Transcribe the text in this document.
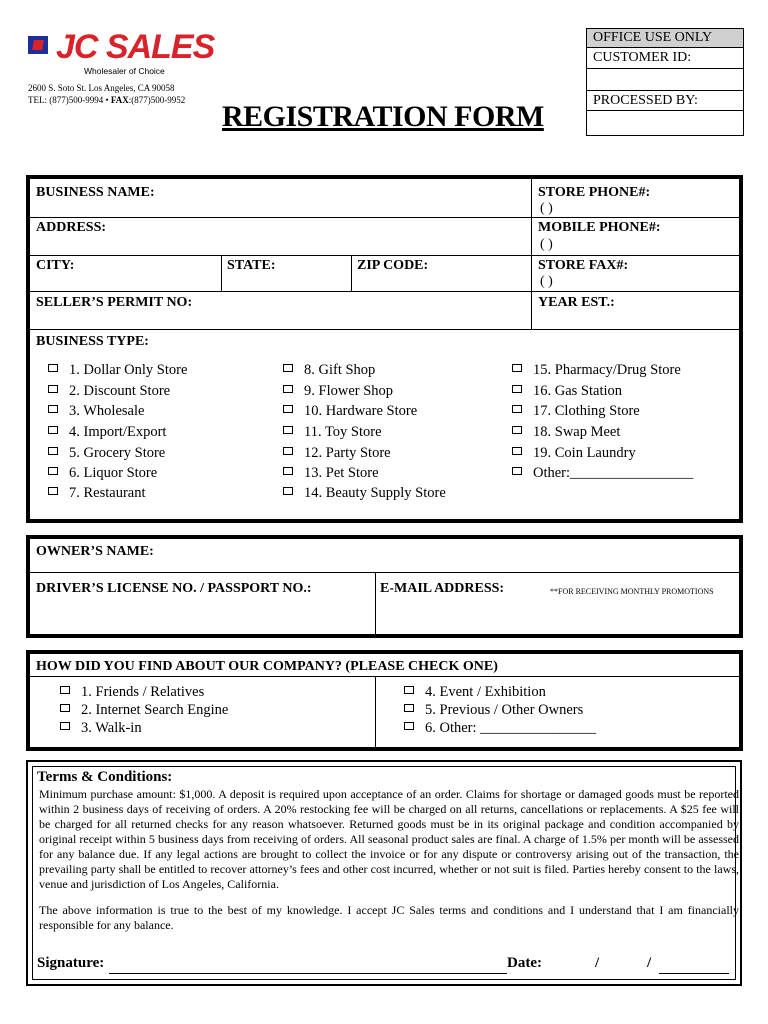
JC SALES
Wholesaler of Choice
2600 S. Soto St. Los Angeles, CA 90058
TEL: (877)500-9994 • FAX:(877)500-9952 REGISTRATION FORM
OFFICE USE ONLY
CUSTOMER ID:
PROCESSED BY:
BUSINESS NAME:	STORE PHONE#:
( )
ADDRESS:	MOBILE PHONE#:
( )
CITY:	STATE:	ZIP CODE:	STORE FAX#:
( )
SELLER’S PERMIT NO:	YEAR EST.:
BUSINESS TYPE:
1. Dollar Only Store
2. Discount Store
3. Wholesale
4. Import/Export
5. Grocery Store
6. Liquor Store
7. Restaurant
8. Gift Shop
9. Flower Shop
10. Hardware Store
11. Toy Store
12. Party Store
13. Pet Store
14. Beauty Supply Store
15. Pharmacy/Drug Store
16. Gas Station
17. Clothing Store
18. Swap Meet
19. Coin Laundry
Other:_________________
OWNER’S NAME:
DRIVER’S LICENSE NO. / PASSPORT NO.:	E-MAIL ADDRESS:	**FOR RECEIVING MONTHLY PROMOTIONS
HOW DID YOU FIND ABOUT OUR COMPANY? (PLEASE CHECK ONE)
1. Friends / Relatives
2. Internet Search Engine
3. Walk-in
4. Event / Exhibition
5. Previous / Other Owners
6. Other: ________________
Terms & Conditions:
Minimum purchase amount: $1,000. A deposit is required upon acceptance of an order. Claims for shortage or damaged goods must be reported within 2 business days of receiving of orders. A 20% restocking fee will be charged on all returns, cancellations or replacements. A $25 fee will be charged for all returned checks for any reason whatsoever. Returned goods must be in its original package and condition accompanied by original receipt within 5 business days from receiving of orders. All seasonal product sales are final. A charge of 1.5% per month will be assessed for any balance due. If any legal actions are brought to collect the invoice or for any dispute or controversy arising out of the transaction, the prevailing party shall be entitled to recover attorney’s fees and other cost incurred, whether or not suit is filed. Parties hereby consent to the laws, venue and jurisdiction of Los Angeles, California.
The above information is true to the best of my knowledge. I accept JC Sales terms and conditions and I understand that I am financially responsible for any balance.
Signature:	Date:	/	/
